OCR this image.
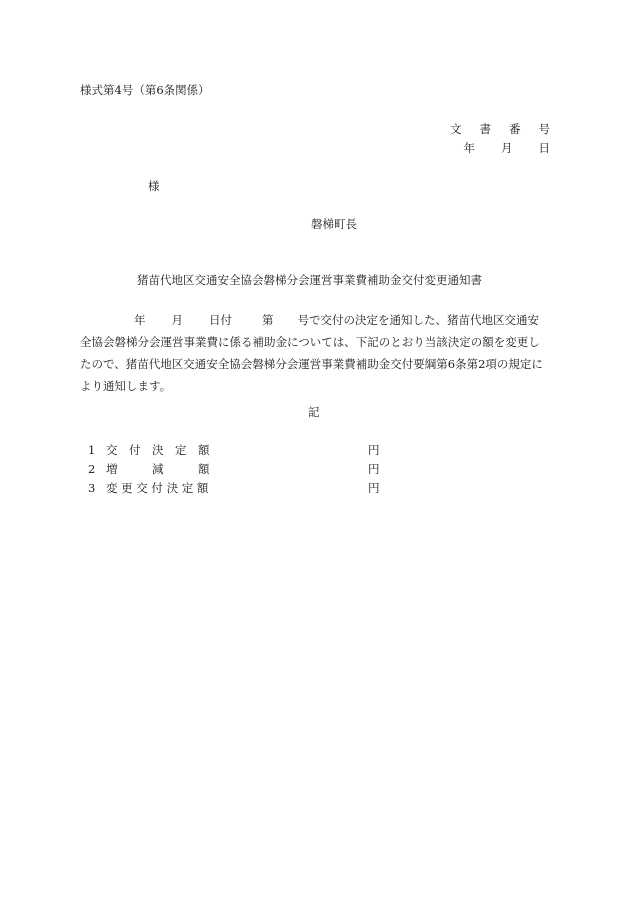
様式第4号（第6条関係）
文 書 番 号
年 月 日
様
磐梯町長
猪苗代地区交通安全協会磐梯分会運営事業費補助金交付変更通知書
年 月 日付	第 号で交付の決定を通知した、猪苗代地区交通安
全協会磐梯分会運営事業費に係る補助金については、下記のとおり当該決定の額を変更し
たので、猪苗代地区交通安全協会磐梯分会運営事業費補助金交付要綱第6条第2項の規定に
より通知します。
記
1 交　付　決　定　額	円
2 増　　　減　　　額	円
3 変 更 交 付 決 定 額	円
